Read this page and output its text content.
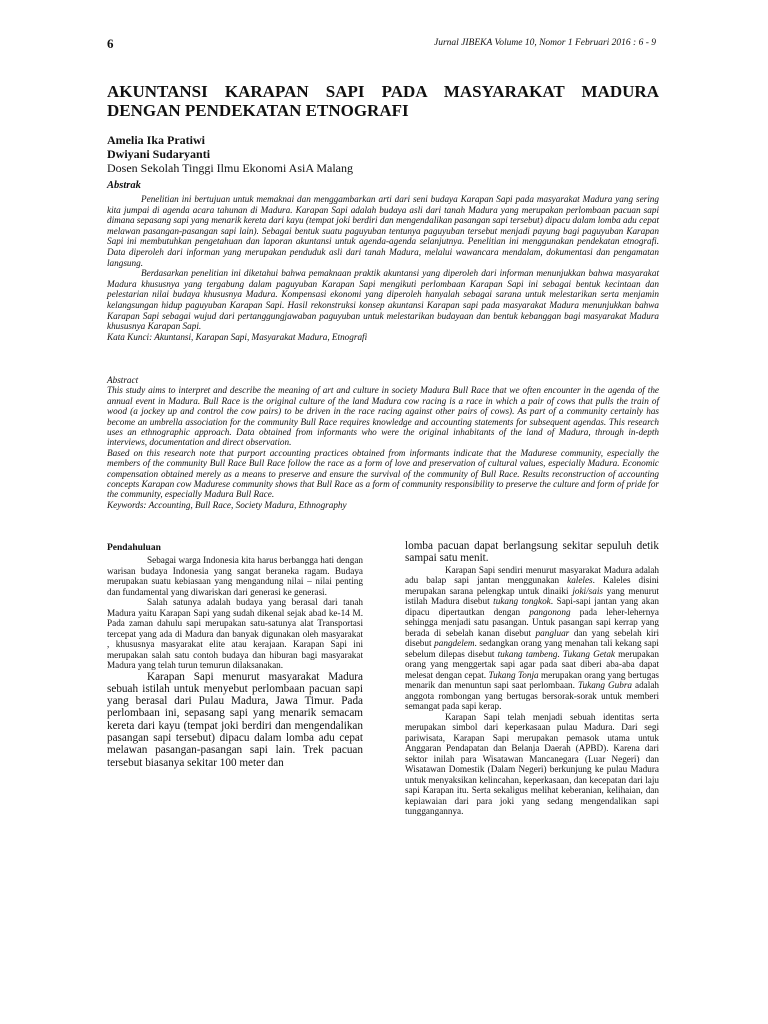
6	Jurnal JIBEKA Volume 10, Nomor 1 Februari 2016 : 6 - 9
AKUNTANSI KARAPAN SAPI PADA MASYARAKAT MADURA
DENGAN PENDEKATAN ETNOGRAFI
Amelia Ika Pratiwi
Dwiyani Sudaryanti
Dosen Sekolah Tinggi Ilmu Ekonomi AsiA Malang
Abstrak

Penelitian ini bertujuan untuk memaknai dan menggambarkan arti dari seni budaya Karapan Sapi pada masyarakat Madura yang sering kita jumpai di agenda acara tahunan di Madura. Karapan Sapi adalah budaya asli dari tanah Madura yang merupakan perlombaan pacuan sapi dimana sepasang sapi yang menarik kereta dari kayu (tempat joki berdiri dan mengendalikan pasangan sapi tersebut) dipacu dalam lomba adu cepat melawan pasangan-pasangan sapi lain). Sebagai bentuk suatu paguyuban tentunya paguyuban tersebut menjadi payung bagi paguyuban Karapan Sapi ini membutuhkan pengetahuan dan laporan akuntansi untuk agenda-agenda selanjutnya. Penelitian ini menggunakan pendekatan etnografi. Data diperoleh dari informan yang merupakan penduduk asli dari tanah Madura, melalui wawancara mendalam, dokumentasi dan pengamatan langsung.

Berdasarkan penelitian ini diketahui bahwa pemaknaan praktik akuntansi yang diperoleh dari informan menunjukkan bahwa masyarakat Madura khususnya yang tergabung dalam paguyuban Karapan Sapi mengikuti perlombaan Karapan Sapi ini sebagai bentuk kecintaan dan pelestarian nilai budaya khususnya Madura. Kompensasi ekonomi yang diperoleh hanyalah sebagai sarana untuk melestarikan serta menjamin kelangsungan hidup paguyuban Karapan Sapi. Hasil rekonstruksi konsep akuntansi Karapan sapi pada masyarakat Madura menunjukkan bahwa Karapan Sapi sebagai wujud dari pertanggungjawaban paguyuban untuk melestarikan budayaan dan bentuk kebanggan bagi masyarakat Madura khususnya Karapan Sapi.

Kata Kunci: Akuntansi, Karapan Sapi, Masyarakat Madura, Etnografi

Abstract

This study aims to interpret and describe the meaning of art and culture in society Madura Bull Race that we often encounter in the agenda of the annual event in Madura. Bull Race is the original culture of the land Madura cow racing is a race in which a pair of cows that pulls the train of wood (a jockey up and control the cow pairs) to be driven in the race racing against other pairs of cows). As part of a community certainly has become an umbrella association for the community Bull Race requires knowledge and accounting statements for subsequent agendas. This research uses an ethnographic approach. Data obtained from informants who were the original inhabitants of the land of Madura, through in-depth interviews, documentation and direct observation.

Based on this research note that purport accounting practices obtained from informants indicate that the Madurese community, especially the members of the community Bull Race Bull Race follow the race as a form of love and preservation of cultural values, especially Madura. Economic compensation obtained merely as a means to preserve and ensure the survival of the community of Bull Race. Results reconstruction of accounting concepts Karapan cow Madurese community shows that Bull Race as a form of community responsibility to preserve the culture and form of pride for the community, especially Madura Bull Race.

Keywords: Accounting, Bull Race, Society Madura, Ethnography

Pendahuluan

Sebagai warga Indonesia kita harus berbangga hati dengan warisan budaya Indonesia yang sangat beraneka ragam. Budaya merupakan suatu kebiasaan yang mengandung nilai – nilai penting dan fundamental yang diwariskan dari generasi ke generasi.

Salah satunya adalah budaya yang berasal dari tanah Madura yaitu Karapan Sapi yang sudah dikenal sejak abad ke-14 M. Pada zaman dahulu sapi merupakan satu-satunya alat Transportasi tercepat yang ada di Madura dan banyak digunakan oleh masyarakat , khususnya masyarakat elite atau kerajaan. Karapan Sapi ini merupakan salah satu contoh budaya dan hiburan bagi masyarakat Madura yang telah turun temurun dilaksanakan.

Karapan Sapi menurut masyarakat Madura sebuah istilah untuk menyebut perlombaan pacuan sapi yang berasal dari Pulau Madura, Jawa Timur. Pada perlombaan ini, sepasang sapi yang menarik semacam kereta dari kayu (tempat joki berdiri dan mengendalikan pasangan sapi tersebut) dipacu dalam lomba adu cepat melawan pasangan-pasangan sapi lain. Trek pacuan tersebut biasanya sekitar 100 meter dan

lomba pacuan dapat berlangsung sekitar sepuluh detik sampai satu menit.

Karapan Sapi sendiri menurut masyarakat Madura adalah adu balap sapi jantan menggunakan kaleles. Kaleles disini merupakan sarana pelengkap untuk dinaiki joki/sais yang menurut istilah Madura disebut tukang tongkok. Sapi-sapi jantan yang akan dipacu dipertautkan dengan pangonong pada leher-lehernya sehingga menjadi satu pasangan. Untuk pasangan sapi kerrap yang berada di sebelah kanan disebut pangluar dan yang sebelah kiri disebut pangdelem. sedangkan orang yang menahan tali kekang sapi sebelum dilepas disebut tukang tambeng. Tukang Getak merupakan orang yang menggertak sapi agar pada saat diberi aba-aba dapat melesat dengan cepat. Tukang Tonja merupakan orang yang bertugas menarik dan menuntun sapi saat perlombaan. Tukang Gubra adalah anggota rombongan yang bertugas bersorak-sorak untuk memberi semangat pada sapi kerap.

Karapan Sapi telah menjadi sebuah identitas serta merupakan simbol dari keperkasaan pulau Madura. Dari segi pariwisata, Karapan Sapi merupakan pemasok utama untuk Anggaran Pendapatan dan Belanja Daerah (APBD). Karena dari sektor inilah para Wisatawan Mancanegara (Luar Negeri) dan Wisatawan Domestik (Dalam Negeri) berkunjung ke pulau Madura untuk menyaksikan kelincahan, keperkasaan, dan kecepatan dari laju sapi Karapan itu. Serta sekaligus melihat keberanian, kelihaian, dan kepiawaian dari para joki yang sedang mengendalikan sapi tunggangannya.
